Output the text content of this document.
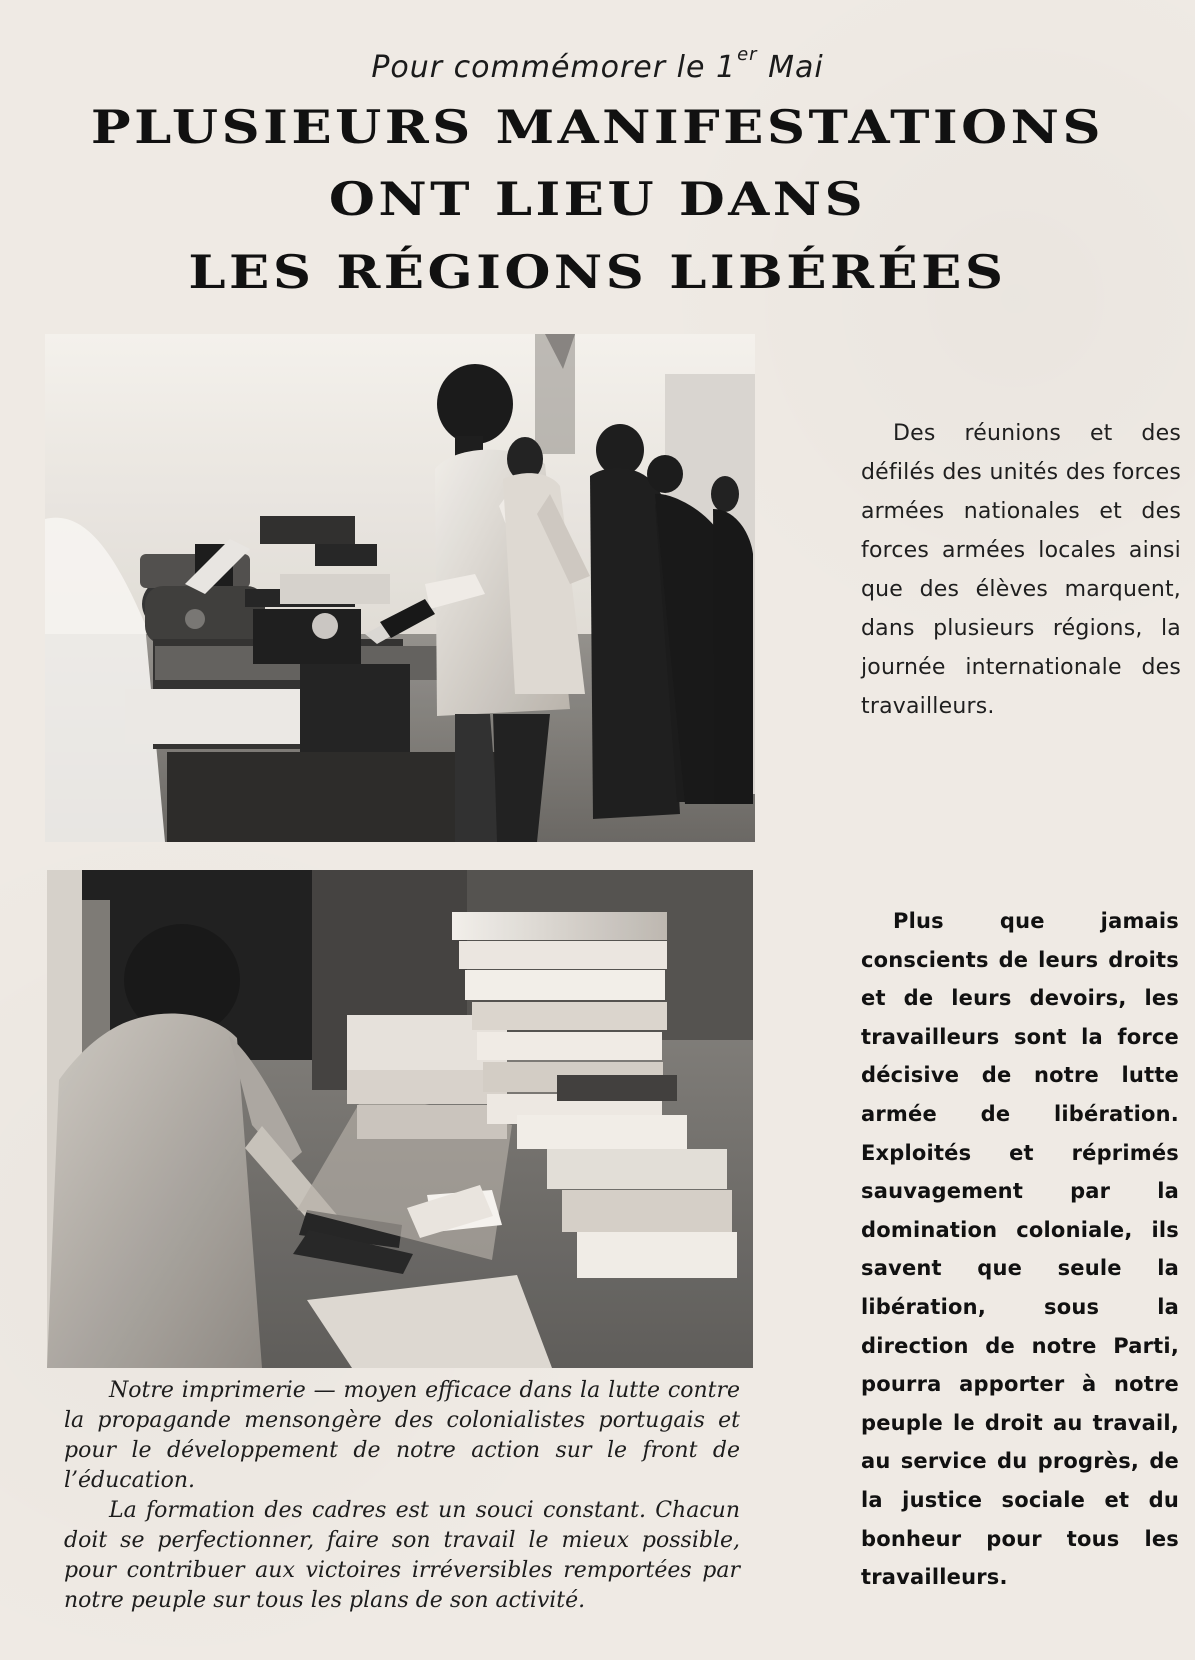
Pour commémorer le 1er Mai
PLUSIEURS MANIFESTATIONS
ONT LIEU DANS
LES RÉGIONS LIBÉRÉES
Des réunions et des défilés des unités des forces armées nationales et des forces armées locales ainsi que des élèves marquent, dans plusieurs régions, la journée internationale des travailleurs.
Plus que jamais conscients de leurs droits et de leurs devoirs, les travailleurs sont la force décisive de notre lutte armée de libération. Exploités et réprimés sauvagement par la domination coloniale, ils savent que seule la libération, sous la direction de notre Parti, pourra apporter à notre peuple le droit au travail, au service du progrès, de la justice sociale et du bonheur pour tous les travailleurs.

Notre imprimerie — moyen efficace dans la lutte contre la propagande mensongère des colonialistes portugais et pour le développement de notre action sur le front de l’éducation.

La formation des cadres est un souci constant. Chacun doit se perfectionner, faire son travail le mieux possible, pour contribuer aux victoires irréversibles remportées par notre peuple sur tous les plans de son activité.
